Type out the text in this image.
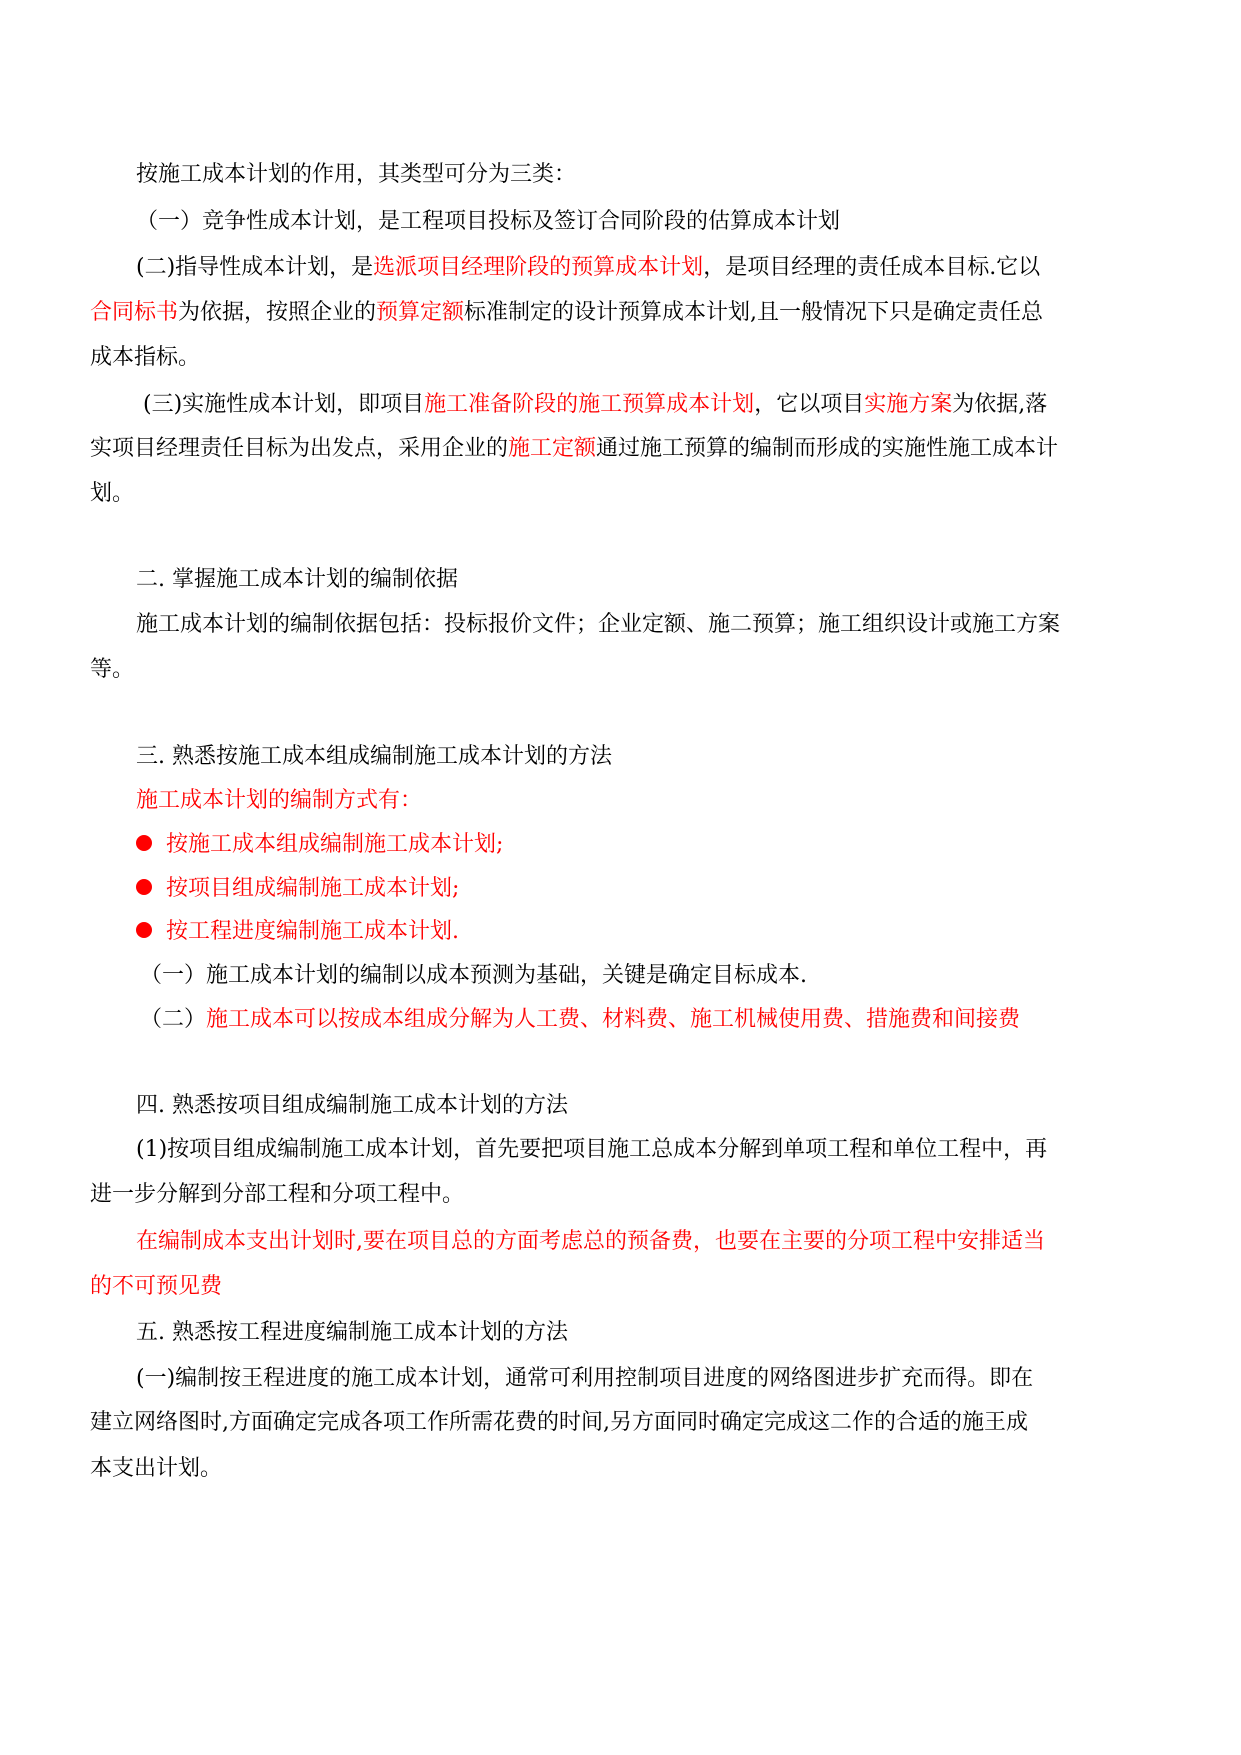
按施工成本计划的作用，其类型可分为三类：
（一）竞争性成本计划，是工程项目投标及签订合同阶段的估算成本计划
(二)指导性成本计划，是选派项目经理阶段的预算成本计划，是项目经理的责任成本目标.它以
合同标书为依据，按照企业的预算定额标准制定的设计预算成本计划,且一般情况下只是确定责任总
成本指标。
(三)实施性成本计划，即项目施工准备阶段的施工预算成本计划，它以项目实施方案为依据,落
实项目经理责任目标为出发点，采用企业的施工定额通过施工预算的编制而形成的实施性施工成本计
划。
二. 掌握施工成本计划的编制依据
施工成本计划的编制依据包括：投标报价文件；企业定额、施二预算；施工组织设计或施工方案
等。
三. 熟悉按施工成本组成编制施工成本计划的方法
施工成本计划的编制方式有：
按施工成本组成编制施工成本计划;
按项目组成编制施工成本计划;
按工程进度编制施工成本计划.
（一）施工成本计划的编制以成本预测为基础，关键是确定目标成本.
（二）施工成本可以按成本组成分解为人工费、材料费、施工机械使用费、措施费和间接费
四. 熟悉按项目组成编制施工成本计划的方法
(1)按项目组成编制施工成本计划，首先要把项目施工总成本分解到单项工程和单位工程中，再
进一步分解到分部工程和分项工程中。
在编制成本支出计划时,要在项目总的方面考虑总的预备费，也要在主要的分项工程中安排适当
的不可预见费
五. 熟悉按工程进度编制施工成本计划的方法
(一)编制按王程进度的施工成本计划，通常可利用控制项目进度的网络图进步扩充而得。即在
建立网络图时,方面确定完成各项工作所需花费的时间,另方面同时确定完成这二作的合适的施王成
本支出计划。
